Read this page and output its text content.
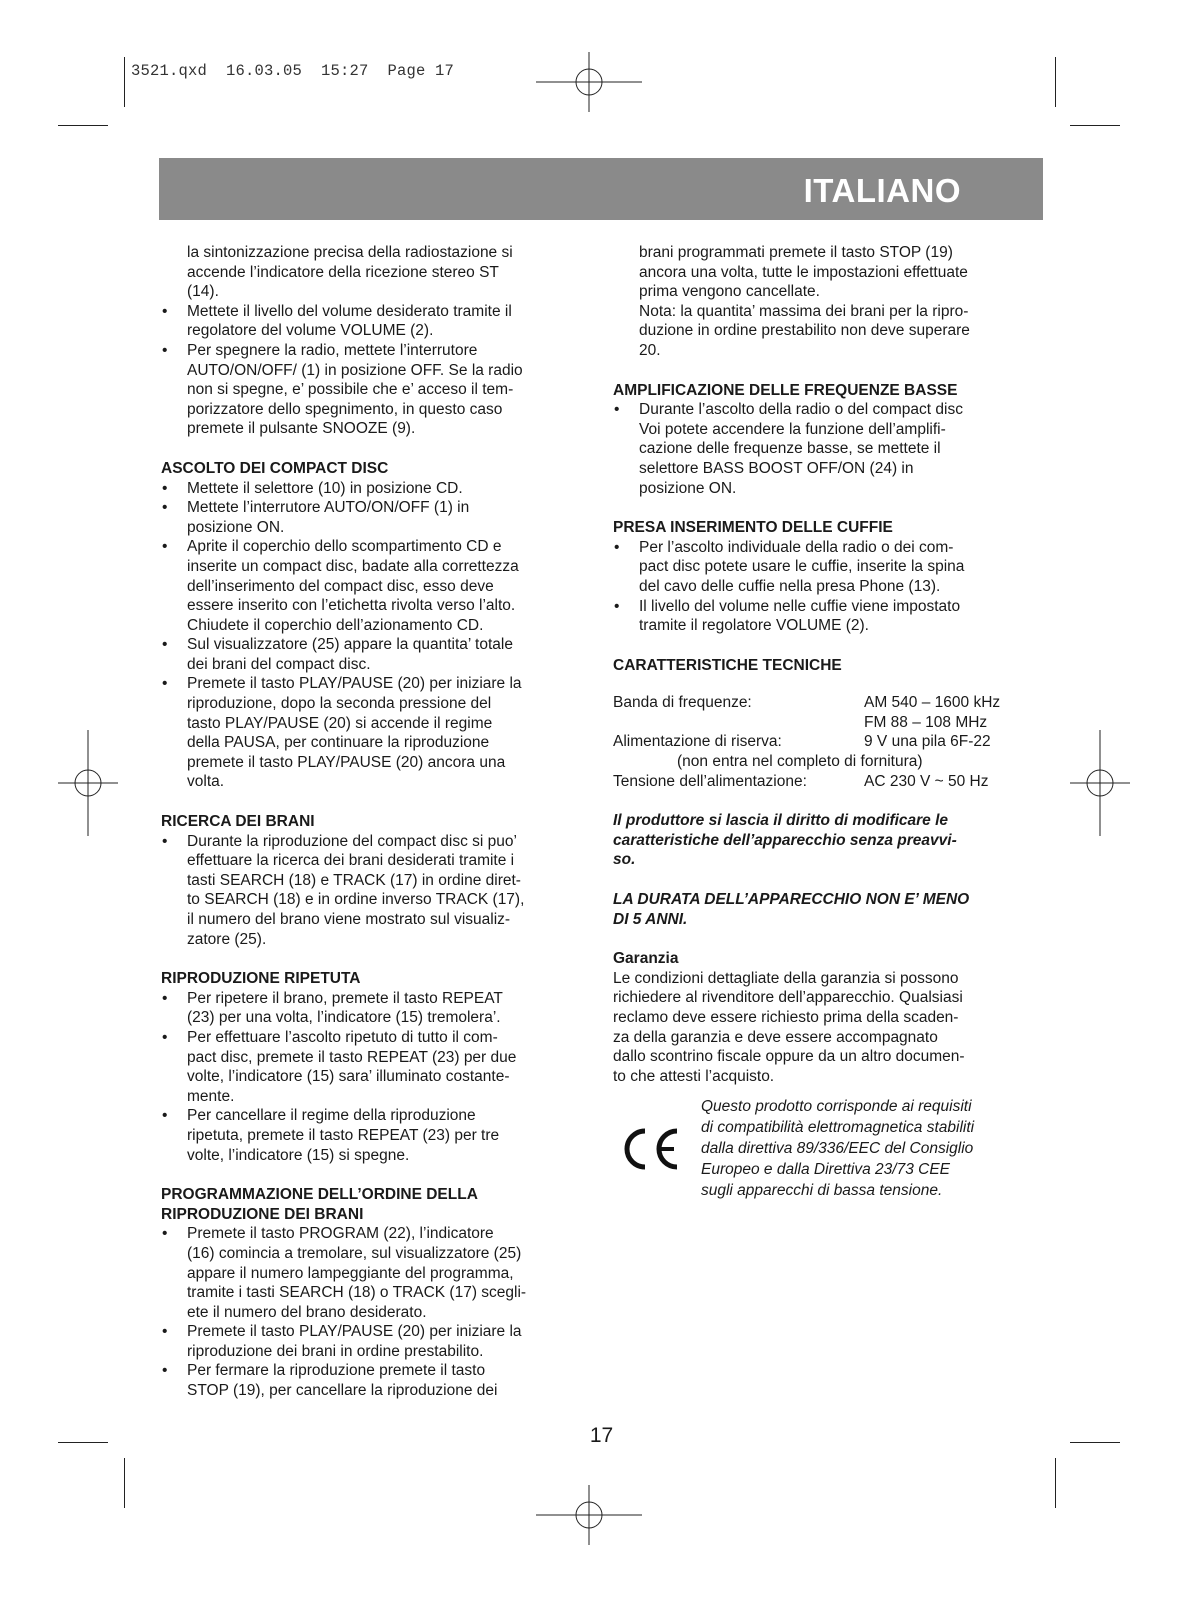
3521.qxd  16.03.05  15:27  Page 17
ITALIANO

la sintonizzazione precisa della radiostazione si

accende l’indicatore della ricezione stereo ST

(14).

• Mettete il livello del volume desiderato tramite il
regolatore del volume VOLUME (2).
• Per spegnere la radio, mettete l’interrutore
AUTO/ON/OFF/ (1) in posizione OFF. Se la radio
non si spegne, e’ possibile che e’ acceso il tem-
porizzatore dello spegnimento, in questo caso
premete il pulsante SNOOZE (9).

ASCOLTO DEI COMPACT DISC

• Mettete il selettore (10) in posizione CD.
• Mettete l’interrutore AUTO/ON/OFF (1) in
posizione ON.
• Aprite il coperchio dello scompartimento CD e
inserite un compact disc, badate alla correttezza
dell’inserimento del compact disc, esso deve
essere inserito con l’etichetta rivolta verso l’alto.
Chiudete il coperchio dell’azionamento CD.
• Sul visualizzatore (25) appare la quantita’ totale
dei brani del compact disc.
• Premete il tasto PLAY/PAUSE (20) per iniziare la
riproduzione, dopo la seconda pressione del
tasto PLAY/PAUSE (20) si accende il regime
della PAUSA, per continuare la riproduzione
premete il tasto PLAY/PAUSE (20) ancora una
volta.

RICERCA DEI BRANI

• Durante la riproduzione del compact disc si puo’
effettuare la ricerca dei brani desiderati tramite i
tasti SEARCH (18) e TRACK (17) in ordine diret-
to SEARCH (18) e in ordine inverso TRACK (17),
il numero del brano viene mostrato sul visualiz-
zatore (25).

RIPRODUZIONE RIPETUTA

• Per ripetere il brano, premete il tasto REPEAT
(23) per una volta, l’indicatore (15) tremolera’.
• Per effettuare l’ascolto ripetuto di tutto il com-
pact disc, premete il tasto REPEAT (23) per due
volte, l’indicatore (15) sara’ illuminato costante-
mente.
• Per cancellare il regime della riproduzione
ripetuta, premete il tasto REPEAT (23) per tre
volte, l’indicatore (15) si spegne.

PROGRAMMAZIONE DELL’ORDINE DELLA

RIPRODUZIONE DEI BRANI

• Premete il tasto PROGRAM (22), l’indicatore
(16) comincia a tremolare, sul visualizzatore (25)
appare il numero lampeggiante del programma,
tramite i tasti SEARCH (18) o TRACK (17) scegli-
ete il numero del brano desiderato.
• Premete il tasto PLAY/PAUSE (20) per iniziare la
riproduzione dei brani in ordine prestabilito.
• Per fermare la riproduzione premete il tasto
STOP (19), per cancellare la riproduzione dei

brani programmati premete il tasto STOP (19)

ancora una volta, tutte le impostazioni effettuate

prima vengono cancellate.

Nota: la quantita’ massima dei brani per la ripro-

duzione in ordine prestabilito non deve superare

20.

AMPLIFICAZIONE DELLE FREQUENZE BASSE

• Durante l’ascolto della radio o del compact disc
Voi potete accendere la funzione dell’amplifi-
cazione delle frequenze basse, se mettete il
selettore BASS BOOST OFF/ON (24) in
posizione ON.

PRESA INSERIMENTO DELLE CUFFIE

• Per l’ascolto individuale della radio o dei com-
pact disc potete usare le cuffie, inserite la spina
del cavo delle cuffie nella presa Phone (13).
• Il livello del volume nelle cuffie viene impostato
tramite il regolatore VOLUME (2).

CARATTERISTICHE TECNICHE

Banda di frequenze:	AM 540 – 1600 kHz
FM 88 – 108 MHz
Alimentazione di riserva:	9 V una pila 6F-22
(non entra nel completo di fornitura)
Tensione dell’alimentazione:	AC 230 V ~ 50 Hz

Il produttore si lascia il diritto di modificare le

caratteristiche dell’apparecchio senza preavvi-

so.

LA DURATA DELL’APPARECCHIO NON E’ MENO

DI 5 ANNI.

Garanzia

Le condizioni dettagliate della garanzia si possono

richiedere al rivenditore dell’apparecchio. Qualsiasi

reclamo deve essere richiesto prima della scaden-

za della garanzia e deve essere accompagnato

dallo scontrino fiscale oppure da un altro documen-

to che attesti l’acquisto.

Questo prodotto corrisponde ai requisiti
di compatibilità elettromagnetica stabiliti
dalla direttiva 89/336/EEC del Consiglio
Europeo e dalla Direttiva 23/73 CEE
sugli apparecchi di bassa tensione.
17
